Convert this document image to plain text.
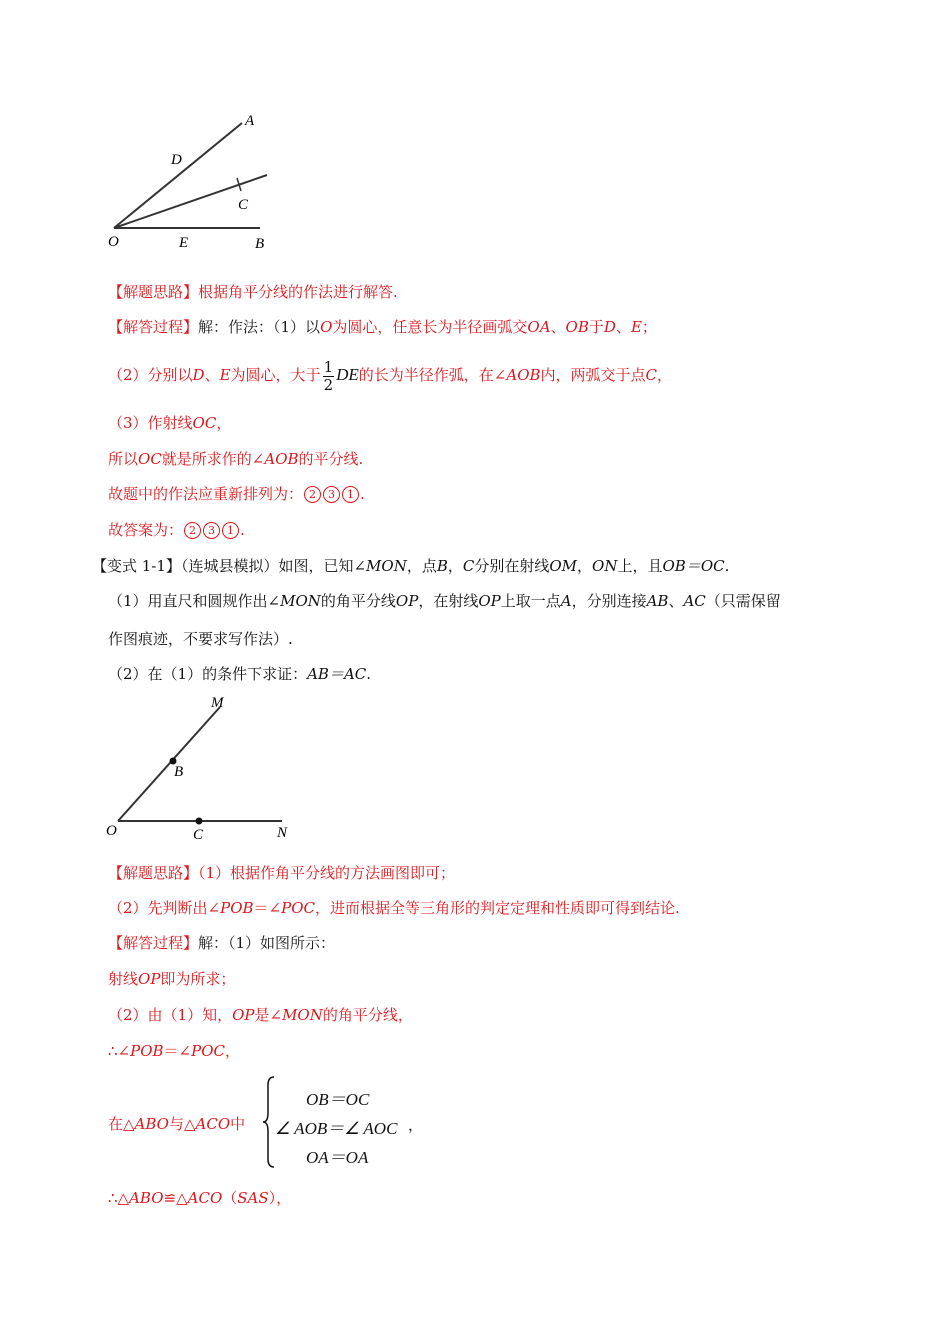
A
D
C
O	E	B
【解题思路】根据角平分线的作法进行解答.
【解答过程】解：作法：（1）以O为圆心，任意长为半径画弧交OA、OB于D、E；
（2）分别以D、E为圆心，大于 $\frac{1}{2}$ DE的长为半径作弧，在∠AOB内，两弧交于点C，
（3）作射线OC，
所以OC就是所求作的∠AOB的平分线.
故题中的作法应重新排列为： 2 3 1 .
故答案为： 2 3 1 .
【变式 1-1】（连城县模拟）如图，已知∠MON，点B，C分别在射线OM，ON上，且OB＝OC.
（1）用直尺和圆规作出∠MON的角平分线OP，在射线OP上取一点A，分别连接AB、AC（只需保留
作图痕迹，不要求写作法）.
（2）在（1）的条件下求证：AB＝AC.
M
B
O	C	N
【解题思路】（1）根据作角平分线的方法画图即可；
（2）先判断出∠POB＝∠POC，进而根据全等三角形的判定定理和性质即可得到结论.
【解答过程】解：（1）如图所示：
射线OP即为所求；
（2）由（1）知，OP是∠MON的角平分线，
∴∠POB＝∠POC，
在△ABO与△ACO中
OB＝OC
∠ AOB＝∠ AOC ，
OA＝OA
∴△ABO≌△ACO（SAS），
